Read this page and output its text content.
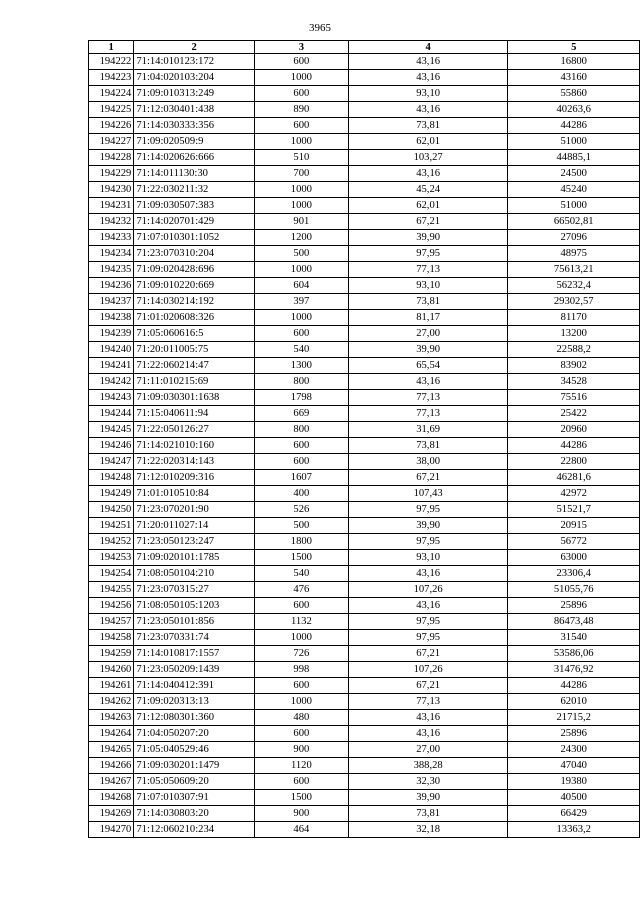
3965
1	2	3	4	5
194222	71:14:010123:172	600	43,16	16800
194223	71:04:020103:204	1000	43,16	43160
194224	71:09:010313:249	600	93,10	55860
194225	71:12:030401:438	890	43,16	40263,6
194226	71:14:030333:356	600	73,81	44286
194227	71:09:020509:9	1000	62,01	51000
194228	71:14:020626:666	510	103,27	44885,1
194229	71:14:011130:30	700	43,16	24500
194230	71:22:030211:32	1000	45,24	45240
194231	71:09:030507:383	1000	62,01	51000
194232	71:14:020701:429	901	67,21	66502,81
194233	71:07:010301:1052	1200	39,90	27096
194234	71:23:070310:204	500	97,95	48975
194235	71:09:020428:696	1000	77,13	75613,21
194236	71:09:010220:669	604	93,10	56232,4
194237	71:14:030214:192	397	73,81	29302,57
194238	71:01:020608:326	1000	81,17	81170
194239	71:05:060616:5	600	27,00	13200
194240	71:20:011005:75	540	39,90	22588,2
194241	71:22:060214:47	1300	65,54	83902
194242	71:11:010215:69	800	43,16	34528
194243	71:09:030301:1638	1798	77,13	75516
194244	71:15:040611:94	669	77,13	25422
194245	71:22:050126:27	800	31,69	20960
194246	71:14:021010:160	600	73,81	44286
194247	71:22:020314:143	600	38,00	22800
194248	71:12:010209:316	1607	67,21	46281,6
194249	71:01:010510:84	400	107,43	42972
194250	71:23:070201:90	526	97,95	51521,7
194251	71:20:011027:14	500	39,90	20915
194252	71:23:050123:247	1800	97,95	56772
194253	71:09:020101:1785	1500	93,10	63000
194254	71:08:050104:210	540	43,16	23306,4
194255	71:23:070315:27	476	107,26	51055,76
194256	71:08:050105:1203	600	43,16	25896
194257	71:23:050101:856	1132	97,95	86473,48
194258	71:23:070331:74	1000	97,95	31540
194259	71:14:010817:1557	726	67,21	53586,06
194260	71:23:050209:1439	998	107,26	31476,92
194261	71:14:040412:391	600	67,21	44286
194262	71:09:020313:13	1000	77,13	62010
194263	71:12:080301:360	480	43,16	21715,2
194264	71:04:050207:20	600	43,16	25896
194265	71:05:040529:46	900	27,00	24300
194266	71:09:030201:1479	1120	388,28	47040
194267	71:05:050609:20	600	32,30	19380
194268	71:07:010307:91	1500	39,90	40500
194269	71:14:030803:20	900	73,81	66429
194270	71:12:060210:234	464	32,18	13363,2
